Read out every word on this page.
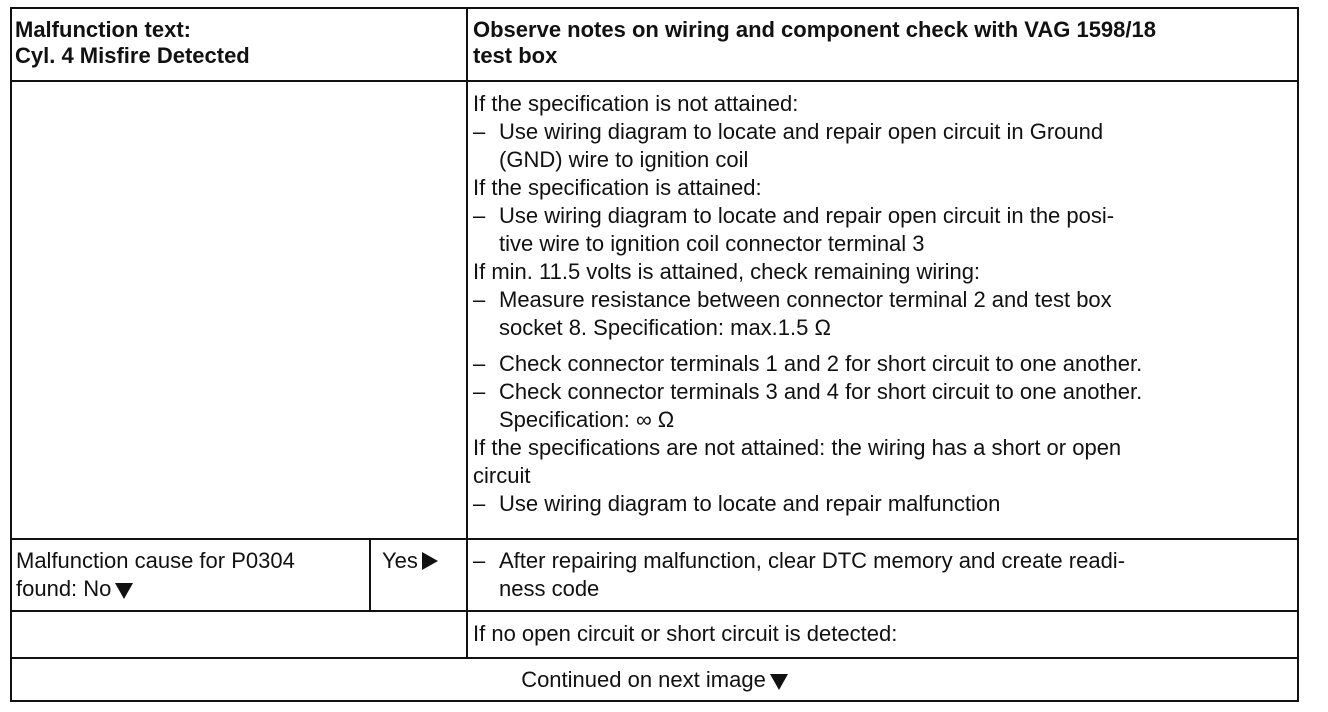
Malfunction text:
Cyl. 4 Misfire Detected
Observe notes on wiring and component check with VAG 1598/18
test box
If the specification is not attained:
– Use wiring diagram to locate and repair open circuit in Ground
(GND) wire to ignition coil
If the specification is attained:
– Use wiring diagram to locate and repair open circuit in the posi-
tive wire to ignition coil connector terminal 3
If min. 11.5 volts is attained, check remaining wiring:
– Measure resistance between connector terminal 2 and test box
socket 8. Specification: max.1.5 Ω
– Check connector terminals 1 and 2 for short circuit to one another.
– Check connector terminals 3 and 4 for short circuit to one another.
Specification: ∞ Ω
If the specifications are not attained: the wiring has a short or open
circuit
– Use wiring diagram to locate and repair malfunction
Malfunction cause for P0304
found: No
Yes
–	After repairing malfunction, clear DTC memory and create readi-
ness code
If no open circuit or short circuit is detected:
Continued on next image
